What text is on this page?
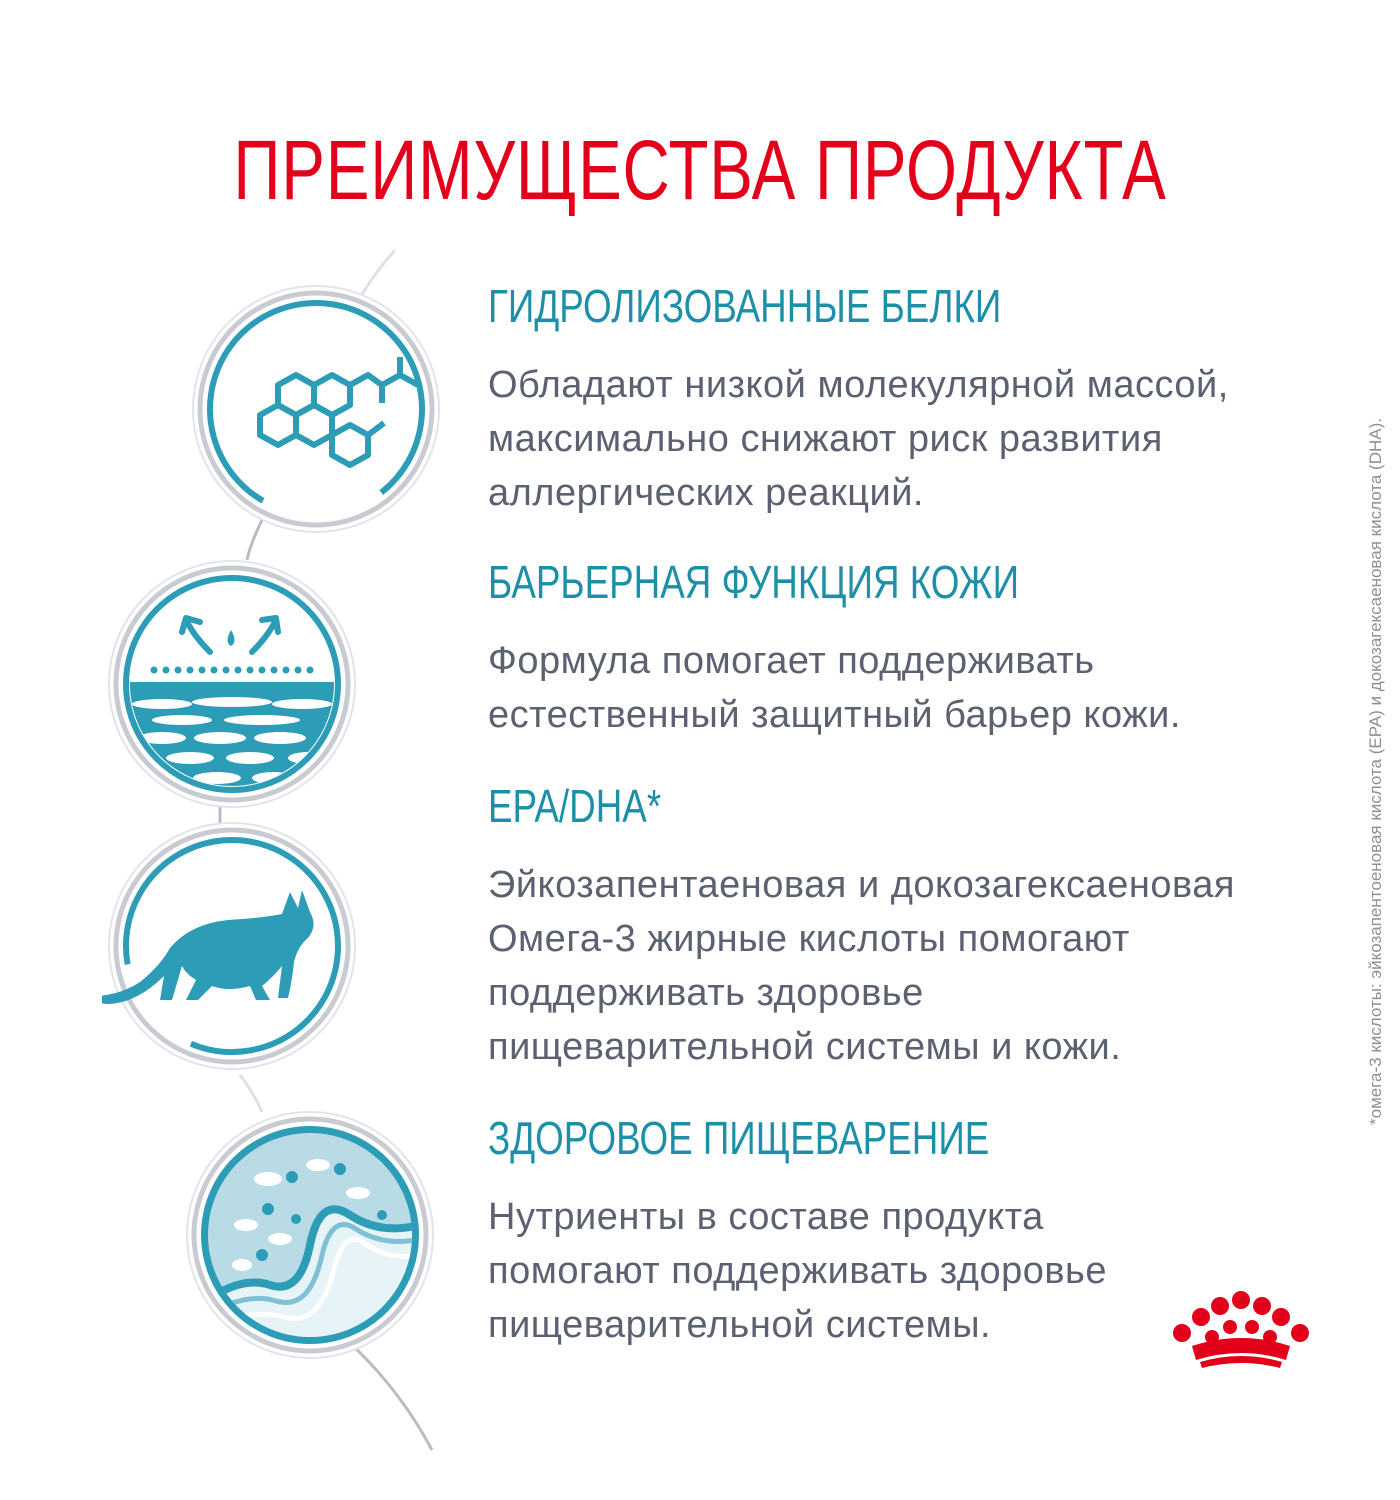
ПРЕИМУЩЕСТВА ПРОДУКТА
ГИДРОЛИЗОВАННЫЕ БЕЛКИ
Обладают низкой молекулярной массой,
максимально снижают риск развития
аллергических реакций.
БАРЬЕРНАЯ ФУНКЦИЯ КОЖИ
Формула помогает поддерживать
естественный защитный барьер кожи.
EPA/DHA*
Эйкозапентаеновая и докозагексаеновая
Омега-3 жирные кислоты помогают
поддерживать здоровье
пищеварительной системы и кожи.
ЗДОРОВОЕ ПИЩЕВАРЕНИЕ
Нутриенты в составе продукта
помогают поддерживать здоровье
пищеварительной системы.
*омега-3 кислоты: эйкозапентоеновая кислота (EPA) и докозагексаеновая кислота (DHA).
